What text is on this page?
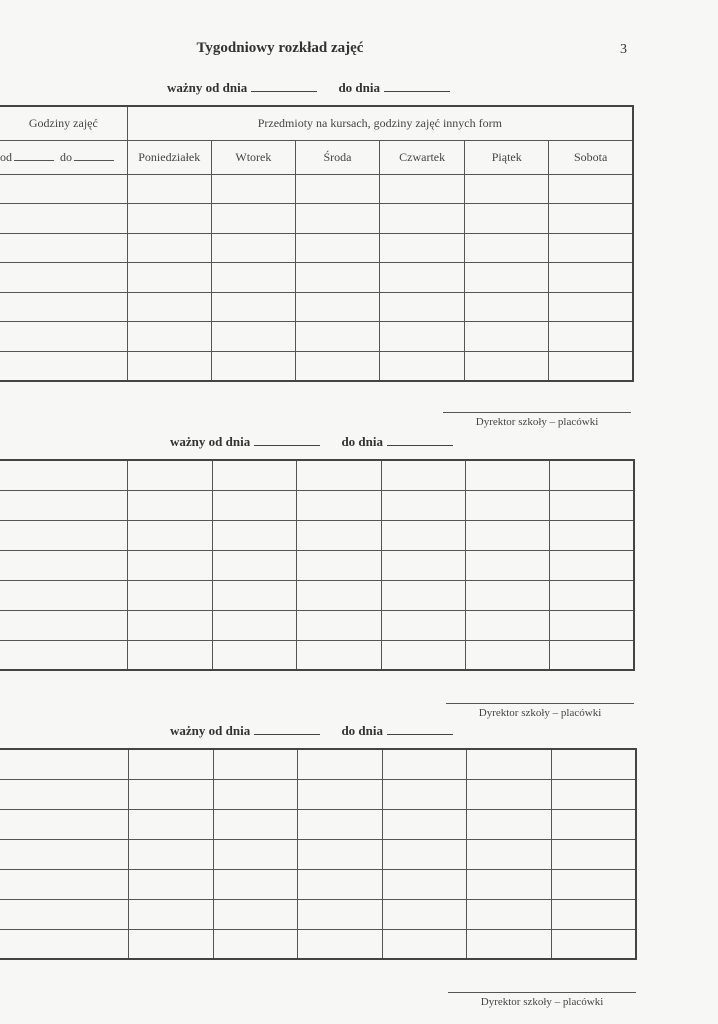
Tygodniowy rozkład zajęć	3
ważny od dnia	do dnia
Godziny zajęć	Przedmioty na kursach, godziny zajęć innych form					
od do	Poniedziałek	Wtorek	Środa	Czwartek	Piątek	Sobota

Dyrektor szkoły – placówki
ważny od dnia	do dnia

Dyrektor szkoły – placówki
ważny od dnia	do dnia

Dyrektor szkoły – placówki
